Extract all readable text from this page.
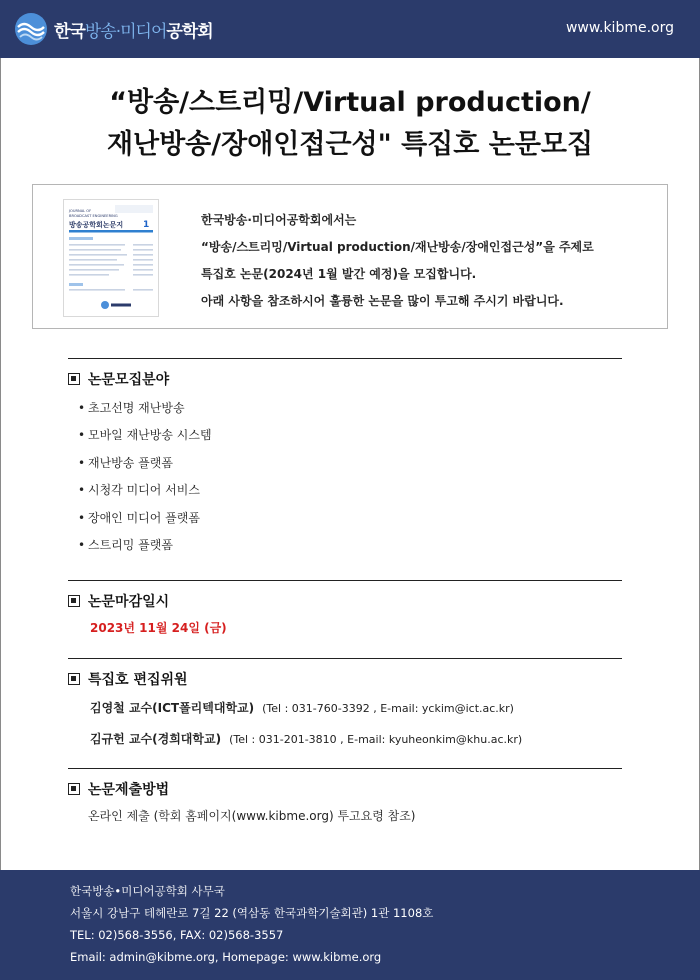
한국방송·미디어공학회	www.kibme.org
“방송/스트리밍/Virtual production/
재난방송/장애인접근성" 특집호 논문모집
JOURNAL OF
BROADCAST ENGINEERING
방송공학회논문지 1	한국방송·미디어공학회에서는
“방송/스트리밍/Virtual production/재난방송/장애인접근성”을 주제로
특집호 논문(2024년 1월 발간 예정)을 모집합니다.
아래 사항을 참조하시어 훌륭한 논문을 많이 투고해 주시기 바랍니다.
논문모집분야
• 초고선명 재난방송
• 모바일 재난방송 시스템
• 재난방송 플랫폼
• 시청각 미디어 서비스
• 장애인 미디어 플랫폼
• 스트리밍 플랫폼
논문마감일시
2023년 11월 24일 (금)
특집호 편집위원
김영철 교수(ICT폴리텍대학교) (Tel : 031-760-3392 , E-mail: yckim@ict.ac.kr)
김규헌 교수(경희대학교) (Tel : 031-201-3810 , E-mail: kyuheonkim@khu.ac.kr)
논문제출방법
온라인 제출 (학회 홈페이지(www.kibme.org) 투고요령 참조)
한국방송•미디어공학회 사무국
서울시 강남구 테헤란로 7길 22 (역삼동 한국과학기술회관) 1관 1108호
TEL: 02)568-3556, FAX: 02)568-3557
Email: admin@kibme.org, Homepage: www.kibme.org
